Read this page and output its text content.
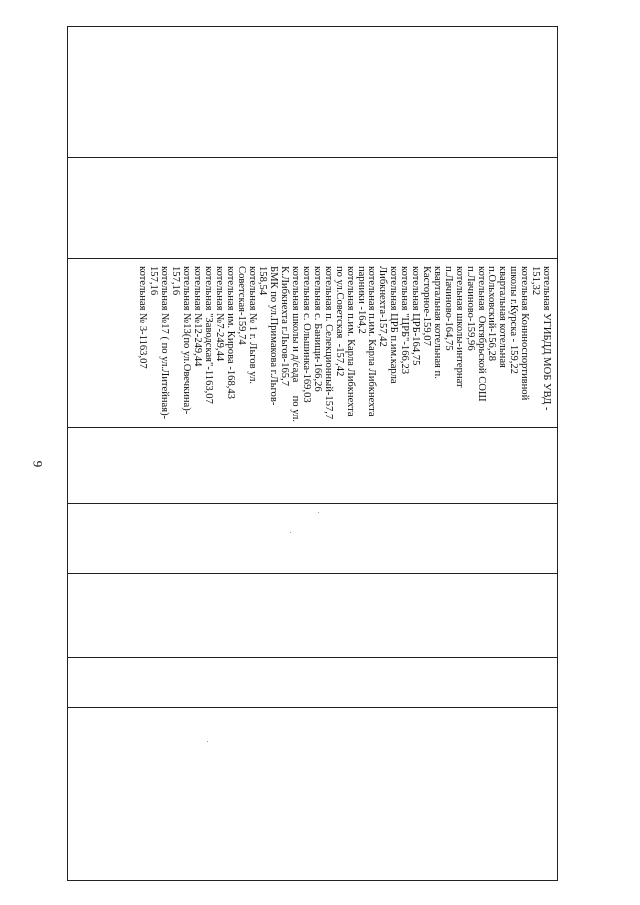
9
котельная УГИБДД МОБ УВД -
151,32
котельная Коннноспортивной
школы г.Курска - 159,22
квартальная котельная
п.Ольховский-156,28
котельная  Октябрьской СОШ
п.Лачиново-159,96
котельная школы-интернат
п.Лачиново-164,75
квартальная котельная п.
Касторное-159,07
котельная ЦРБ-164,75
котельная "ЦРБ"-166,23
котельная ЦРБ п.им.карла
Либкнехта-157,42
котельная п.им. Карла Либкнехта
парники -164,2
котельная п.им. Карла Либкнехта
по ул.Советская  -157,42
котельная п. Селекционный-157,7
котельная с. Банищи-166,26
котельная с. Ольшинка-169,03
котельная школы и д/сада     по ул.
К.Либкнехта г.Льгов-165,7
БМК по ул.Примакова г.Льгов-
158,54
котельная № 1 г. Льгов ул.
Советская-159,74
котельная им. Кирова -168,43
котельная №7-249,44
котельная "Заводская"-1163,07
котельная №12-249,44
котельная №13(по ул.Овечкина)-
157,16
котельная №17 ( по ул.Литейная)-
157,16
котельная № 3-1163,07
